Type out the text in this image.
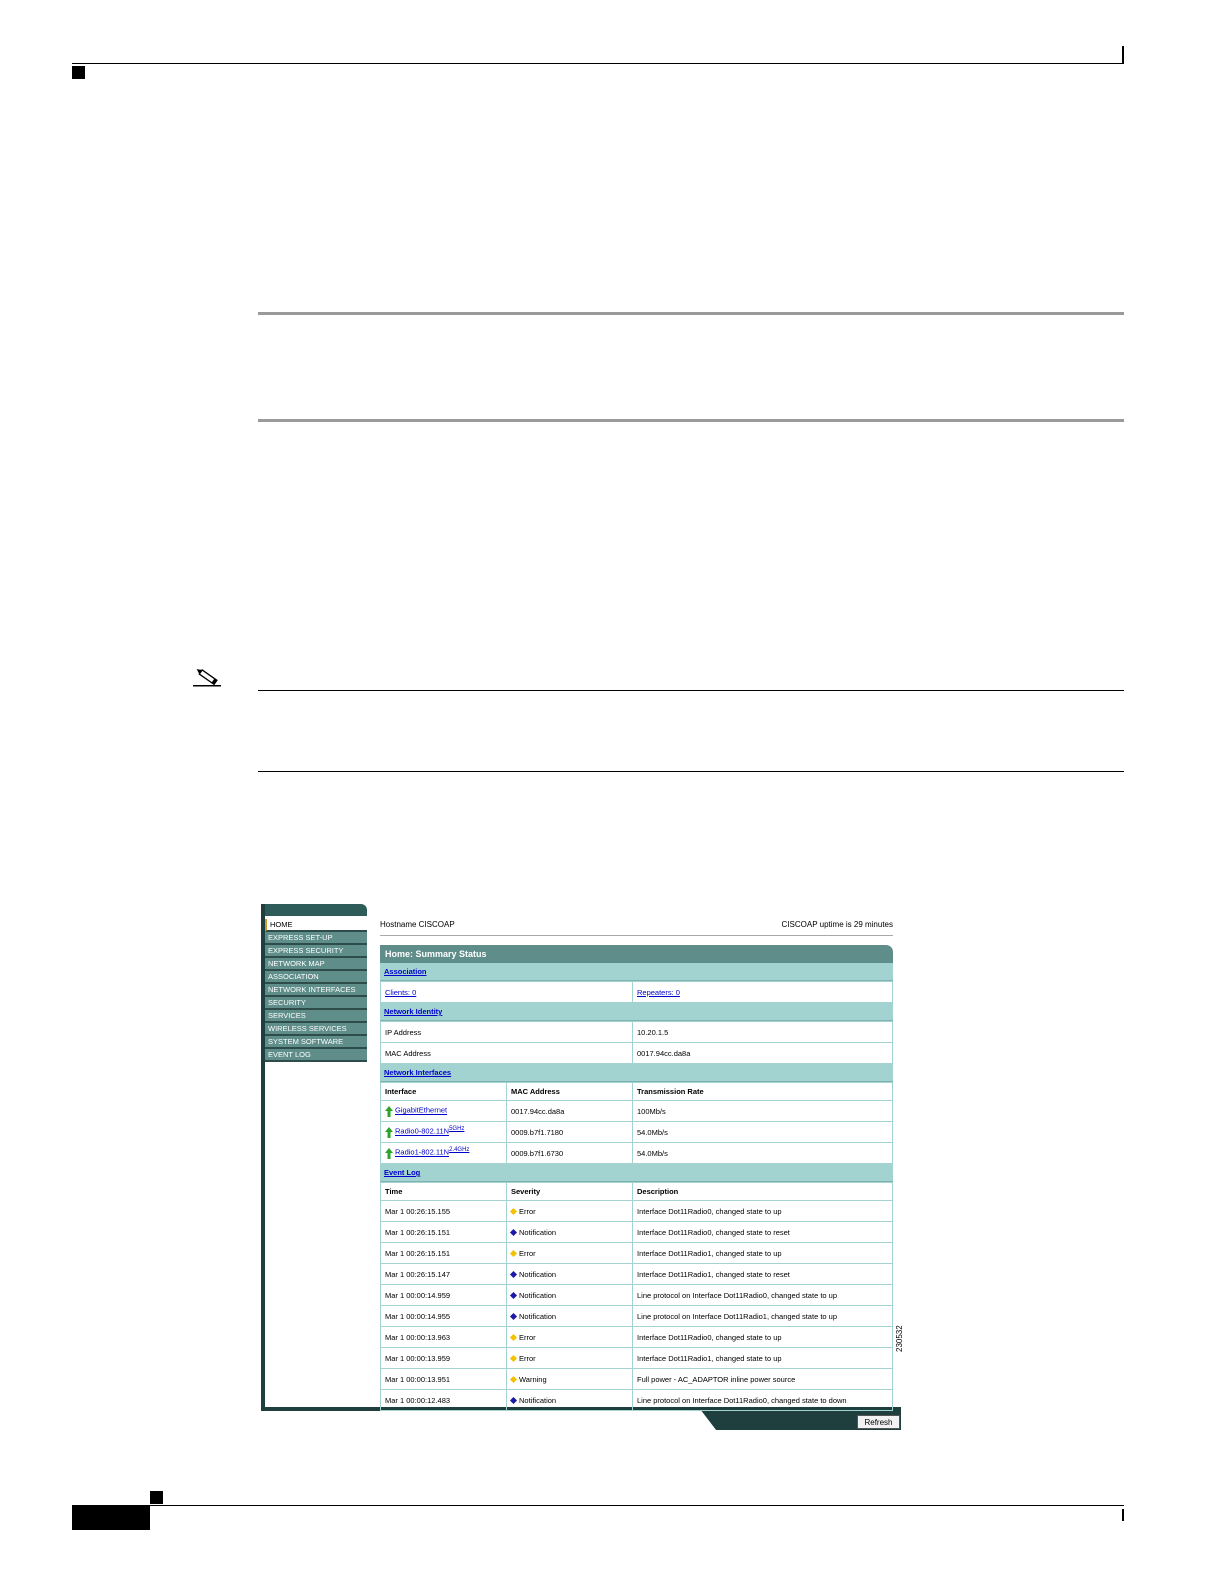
HOME
EXPRESS SET-UP
EXPRESS SECURITY
NETWORK MAP
ASSOCIATION
NETWORK INTERFACES
SECURITY
SERVICES
WIRELESS SERVICES
SYSTEM SOFTWARE
EVENT LOG
Hostname CISCOAP	CISCOAP uptime is 29 minutes
Home: Summary Status
Association
Clients: 0	Repeaters: 0
Network Identity
IP Address	10.20.1.5
MAC Address	0017.94cc.da8a
Network Interfaces
Interface	MAC Address	Transmission Rate
GigabitEthernet	0017.94cc.da8a	100Mb/s
$Radio0-802.11N^{5GHz}$	0009.b7f1.7180	54.0Mb/s
$Radio1-802.11N^{2.4GHz}$	0009.b7f1.6730	54.0Mb/s
Event Log
Time	Severity	Description
Mar 1 00:26:15.155	Error	Interface Dot11Radio0, changed state to up
Mar 1 00:26:15.151	Notification	Interface Dot11Radio0, changed state to reset
Mar 1 00:26:15.151	Error	Interface Dot11Radio1, changed state to up
Mar 1 00:26:15.147	Notification	Interface Dot11Radio1, changed state to reset
Mar 1 00:00:14.959	Notification	Line protocol on Interface Dot11Radio0, changed state to up
Mar 1 00:00:14.955	Notification	Line protocol on Interface Dot11Radio1, changed state to up
Mar 1 00:00:13.963	Error	Interface Dot11Radio0, changed state to up
Mar 1 00:00:13.959	Error	Interface Dot11Radio1, changed state to up
Mar 1 00:00:13.951	Warning	Full power - AC_ADAPTOR inline power source
Mar 1 00:00:12.483	Notification	Line protocol on Interface Dot11Radio0, changed state to down
230532
Refresh
